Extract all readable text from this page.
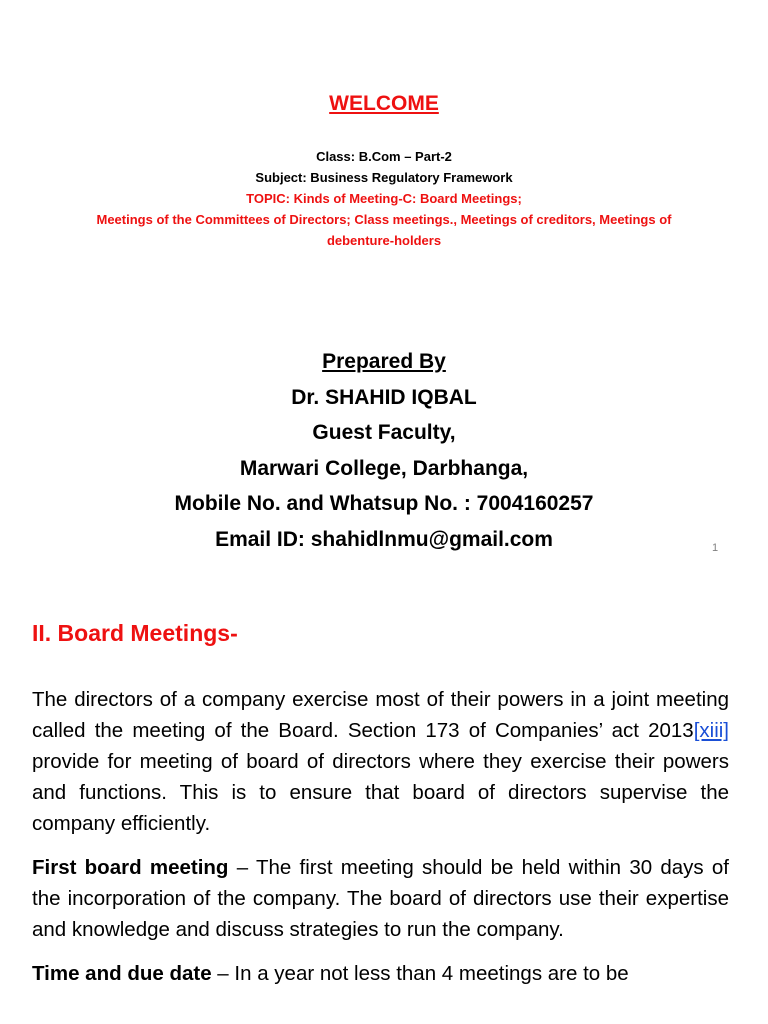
WELCOME
Class: B.Com – Part-2
Subject: Business Regulatory Framework
TOPIC: Kinds of Meeting-C: Board Meetings;
Meetings of the Committees of Directors; Class meetings., Meetings of creditors, Meetings of
debenture-holders
Prepared By
Dr. SHAHID IQBAL
Guest Faculty,
Marwari College, Darbhanga,
Mobile No. and Whatsup No. : 7004160257
Email ID: shahidlnmu@gmail.com	1
II. Board Meetings-

The directors of a company exercise most of their powers in a joint meeting called the meeting of the Board. Section 173 of Companies’ act 2013[xiii] provide for meeting of board of directors where they exercise their powers and functions. This is to ensure that board of directors supervise the company efficiently.

First board meeting – The first meeting should be held within 30 days of the incorporation of the company. The board of directors use their expertise and knowledge and discuss strategies to run the company.

Time and due date – In a year not less than 4 meetings are to be
